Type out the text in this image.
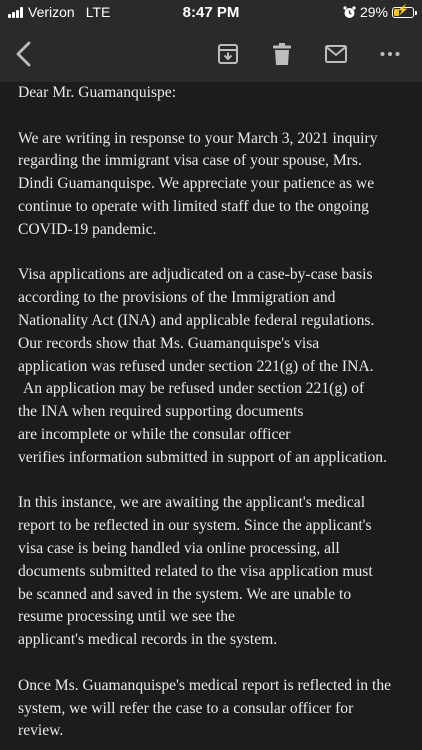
Verizon LTE	8:47 PM	29% ⚡

Dear Mr. Guamanquispe:

We are writing in response to your March 3, 2021 inquiry
regarding the immigrant visa case of your spouse, Mrs.
Dindi Guamanquispe. We appreciate your patience as we
continue to operate with limited staff due to the ongoing
COVID-19 pandemic.

Visa applications are adjudicated on a case-by-case basis
according to the provisions of the Immigration and
Nationality Act (INA) and applicable federal regulations.
Our records show that Ms. Guamanquispe's visa
application was refused under section 221(g) of the INA.
An application may be refused under section 221(g) of
the INA when required supporting documents
are incomplete or while the consular officer
verifies information submitted in support of an application.

In this instance, we are awaiting the applicant's medical
report to be reflected in our system. Since the applicant's
visa case is being handled via online processing, all
documents submitted related to the visa application must
be scanned and saved in the system. We are unable to
resume processing until we see the
applicant's medical records in the system.

Once Ms. Guamanquispe's medical report is reflected in the
system, we will refer the case to a consular officer for
review.
